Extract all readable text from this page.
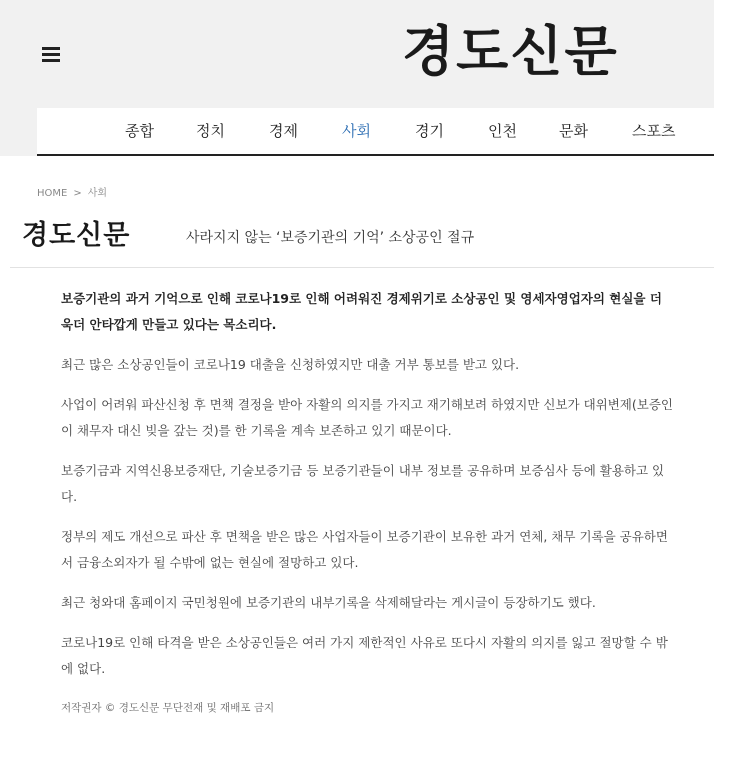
경도신문
종합	정치	경제	사회	경기	인천	문화	스포츠
HOME > 사회
경도신문	사라지지 않는 ‘보증기관의 기억’ 소상공인 절규

보증기관의 과거 기억으로 인해 코로나19로 인해 어려워진 경제위기로 소상공인 및 영세자영업자의 현실을 더욱더 안타깝게 만들고 있다는 목소리다.

최근 많은 소상공인들이 코로나19 대출을 신청하였지만 대출 거부 통보를 받고 있다.

사업이 어려워 파산신청 후 면책 결정을 받아 자활의 의지를 가지고 재기해보려 하였지만 신보가 대위변제(보증인이 채무자 대신 빚을 갚는 것)를 한 기록을 계속 보존하고 있기 때문이다.

보증기금과 지역신용보증재단, 기술보증기금 등 보증기관들이 내부 정보를 공유하며 보증심사 등에 활용하고 있다.

정부의 제도 개선으로 파산 후 면책을 받은 많은 사업자들이 보증기관이 보유한 과거 연체, 채무 기록을 공유하면서 금융소외자가 될 수밖에 없는 현실에 절망하고 있다.

최근 청와대 홈페이지 국민청원에 보증기관의 내부기록을 삭제해달라는 게시글이 등장하기도 했다.

코로나19로 인해 타격을 받은 소상공인들은 여러 가지 제한적인 사유로 또다시 자활의 의지를 잃고 절망할 수 밖에 없다.

저작권자 © 경도신문 무단전재 및 재배포 금지
